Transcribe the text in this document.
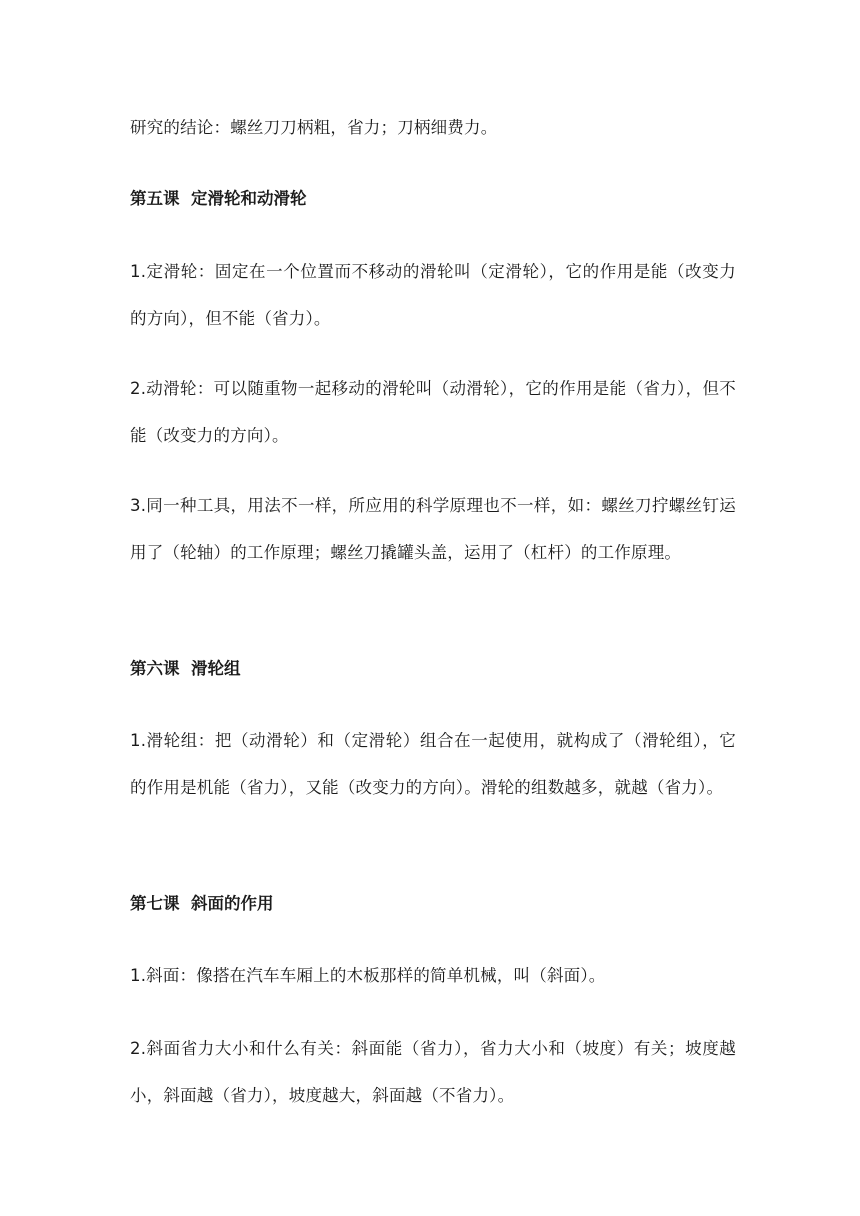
研究的结论：螺丝刀刀柄粗，省力；刀柄细费力。

第五课  定滑轮和动滑轮

1.定滑轮：固定在一个位置而不移动的滑轮叫（定滑轮），它的作用是能（改变力的方向），但不能（省力）。

2.动滑轮：可以随重物一起移动的滑轮叫（动滑轮），它的作用是能（省力），但不能（改变力的方向）。

3.同一种工具，用法不一样，所应用的科学原理也不一样，如：螺丝刀拧螺丝钉运用了（轮轴）的工作原理；螺丝刀撬罐头盖，运用了（杠杆）的工作原理。

第六课  滑轮组

1.滑轮组：把（动滑轮）和（定滑轮）组合在一起使用，就构成了（滑轮组），它的作用是机能（省力），又能（改变力的方向）。滑轮的组数越多，就越（省力）。

第七课  斜面的作用

1.斜面：像搭在汽车车厢上的木板那样的简单机械，叫（斜面）。

2.斜面省力大小和什么有关：斜面能（省力），省力大小和（坡度）有关；坡度越小，斜面越（省力），坡度越大，斜面越（不省力）。
